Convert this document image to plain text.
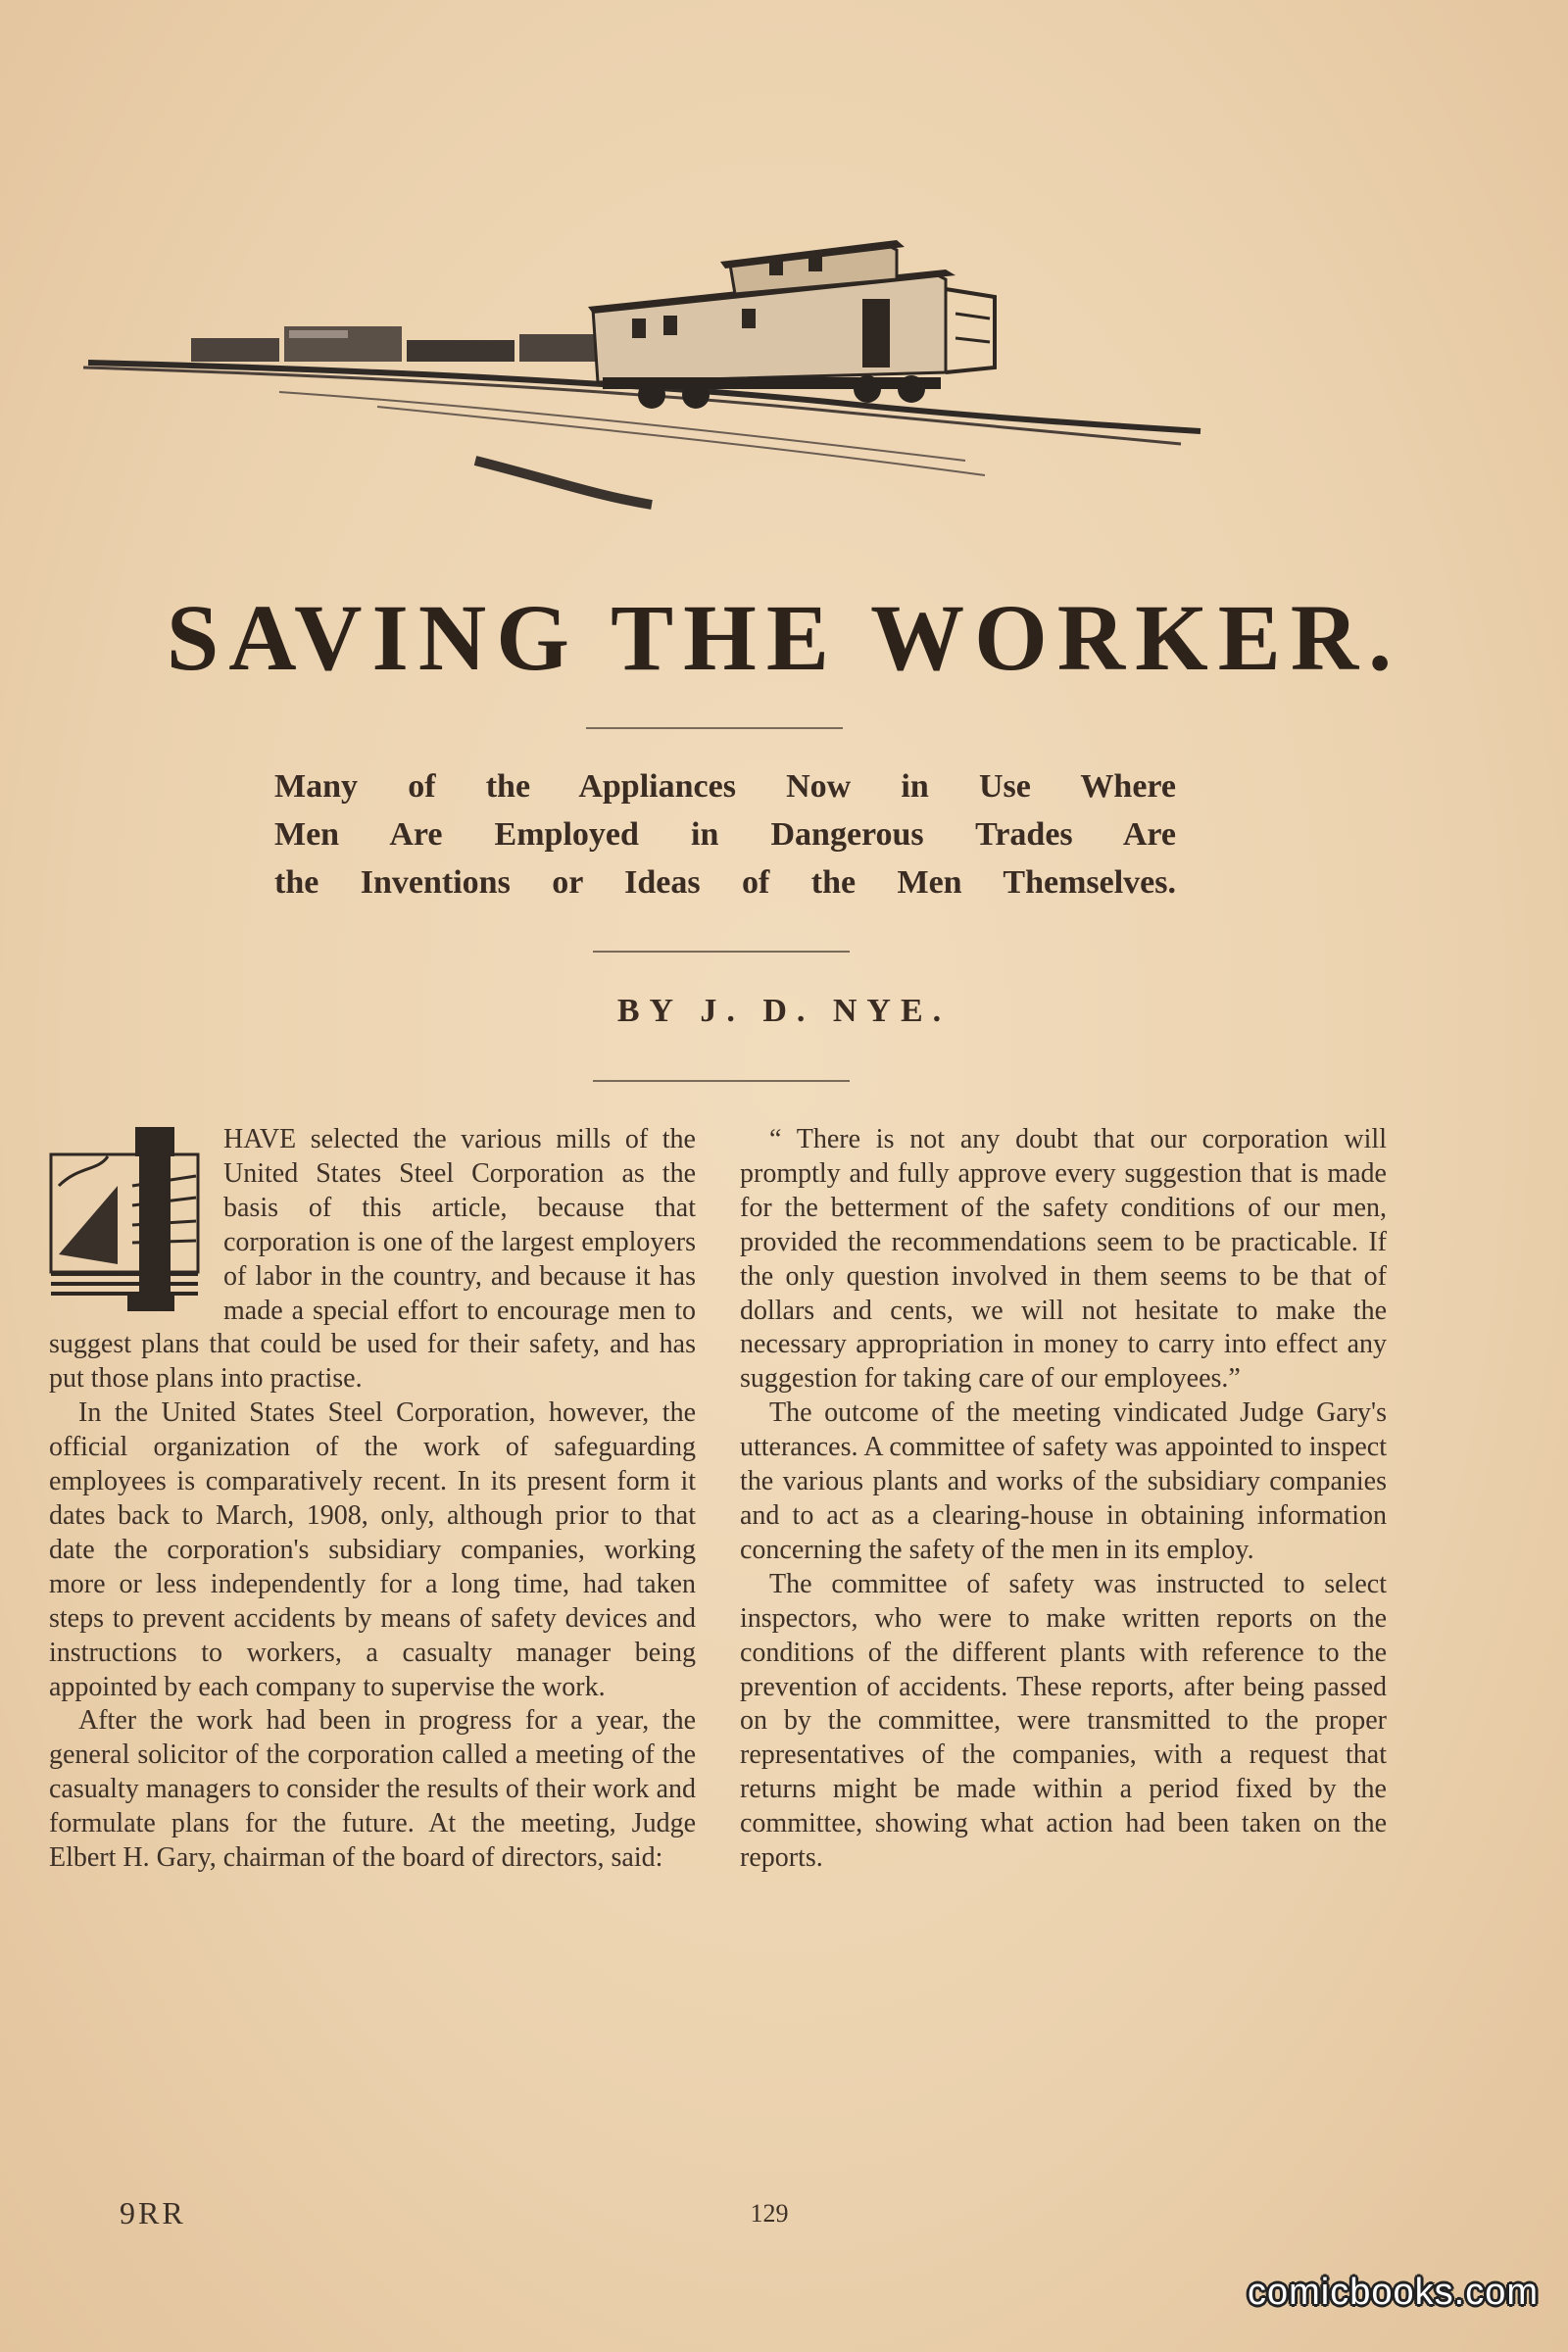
SAVING THE WORKER.
Many of the Appliances Now in Use Where
Men Are Employed in Dangerous Trades Are
the Inventions or Ideas of the Men Themselves.
BY J. D. NYE.
I

HAVE selected the various mills of the United States Steel Corporation as the basis of this article, because that corporation is one of the largest employers of labor in the country, and because it has made a special effort to encourage men to suggest plans that could be used for their safety, and has put those plans into practise.

In the United States Steel Corporation, however, the official organization of the work of safeguarding employees is comparatively recent. In its present form it dates back to March, 1908, only, although prior to that date the corporation's subsidiary companies, working more or less independently for a long time, had taken steps to prevent accidents by means of safety devices and instructions to workers, a casualty manager being appointed by each company to supervise the work.

After the work had been in progress for a year, the general solicitor of the corporation called a meeting of the casualty managers to consider the results of their work and formulate plans for the future. At the meeting, Judge Elbert H. Gary, chairman of the board of directors, said:

“ There is not any doubt that our corporation will promptly and fully approve every suggestion that is made for the betterment of the safety conditions of our men, provided the recommendations seem to be practicable. If the only question involved in them seems to be that of dollars and cents, we will not hesitate to make the necessary appropriation in money to carry into effect any suggestion for taking care of our employees.”

The outcome of the meeting vindicated Judge Gary's utterances. A committee of safety was appointed to inspect the various plants and works of the subsidiary companies and to act as a clearing-house in obtaining information concerning the safety of the men in its employ.

The committee of safety was instructed to select inspectors, who were to make written reports on the conditions of the different plants with reference to the prevention of accidents. These reports, after being passed on by the committee, were transmitted to the proper representatives of the companies, with a request that returns might be made within a period fixed by the committee, showing what action had been taken on the reports.

9RR	129
comicbooks.com
